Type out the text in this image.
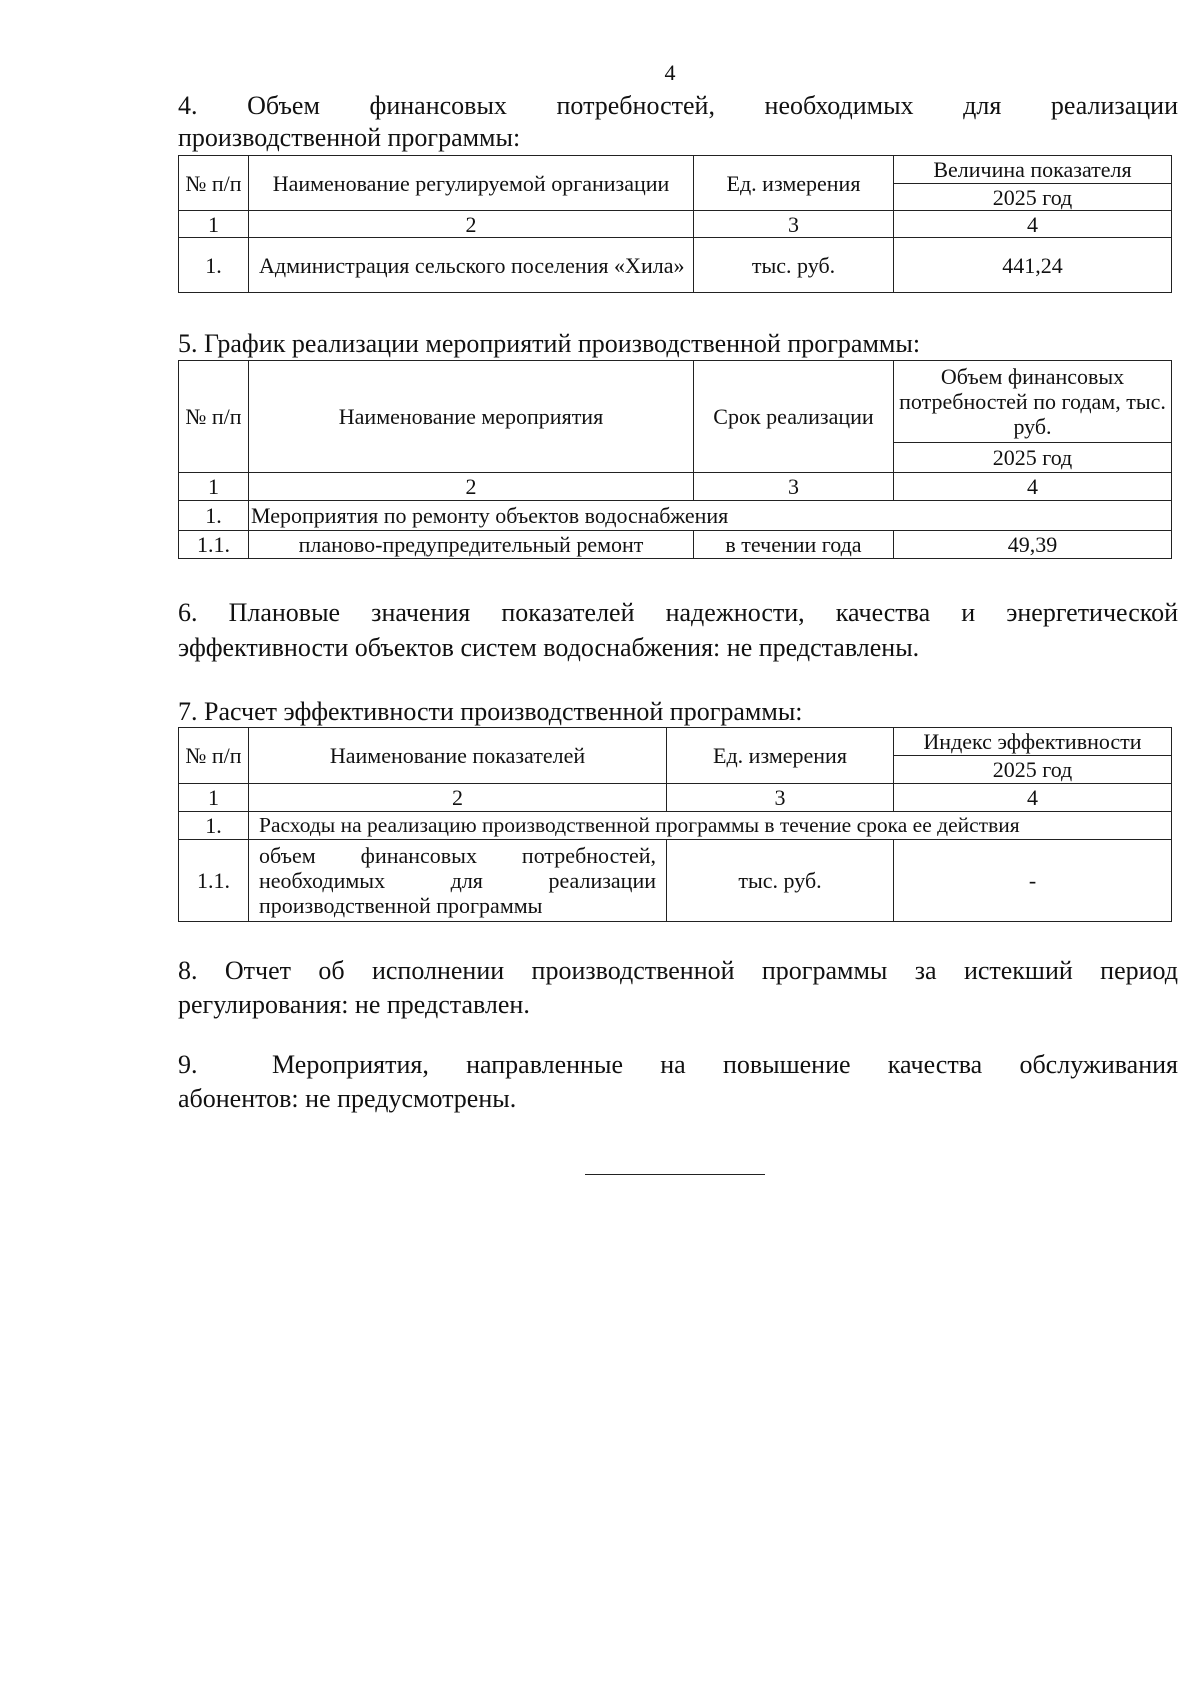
4
4.   Объем   финансовых   потребностей,   необходимых   для   реализации
производственной программы:
№ п/п	Наименование регулируемой организации	Ед. измерения	Величина показателя
			2025 год
1	2	3	4
1.	Администрация сельского поселения «Хила»	тыс. руб.	441,24
5. График реализации мероприятий производственной программы:
№ п/п	Наименование мероприятия	Срок реализации	Объем финансовых потребностей по годам, тыс. руб.
			2025 год
1	2	3	4
1.	Мероприятия по ремонту объектов водоснабжения		
1.1.	планово-предупредительный ремонт	в течении года	49,39
6. Плановые значения показателей надежности, качества и энергетической
эффективности объектов систем водоснабжения: не представлены.
7. Расчет эффективности производственной программы:
№ п/п	Наименование показателей	Ед. измерения	Индекс эффективности
			2025 год
1	2	3	4
1.	Расходы на реализацию производственной программы в течение срока ее действия		
1.1.	объем финансовых потребностей,
необходимых для реализации
производственной программы	тыс. руб.	-
8. Отчет об исполнении производственной программы за истекший период
регулирования: не представлен.
9.  Мероприятия, направленные на повышение качества обслуживания
абонентов: не предусмотрены.
